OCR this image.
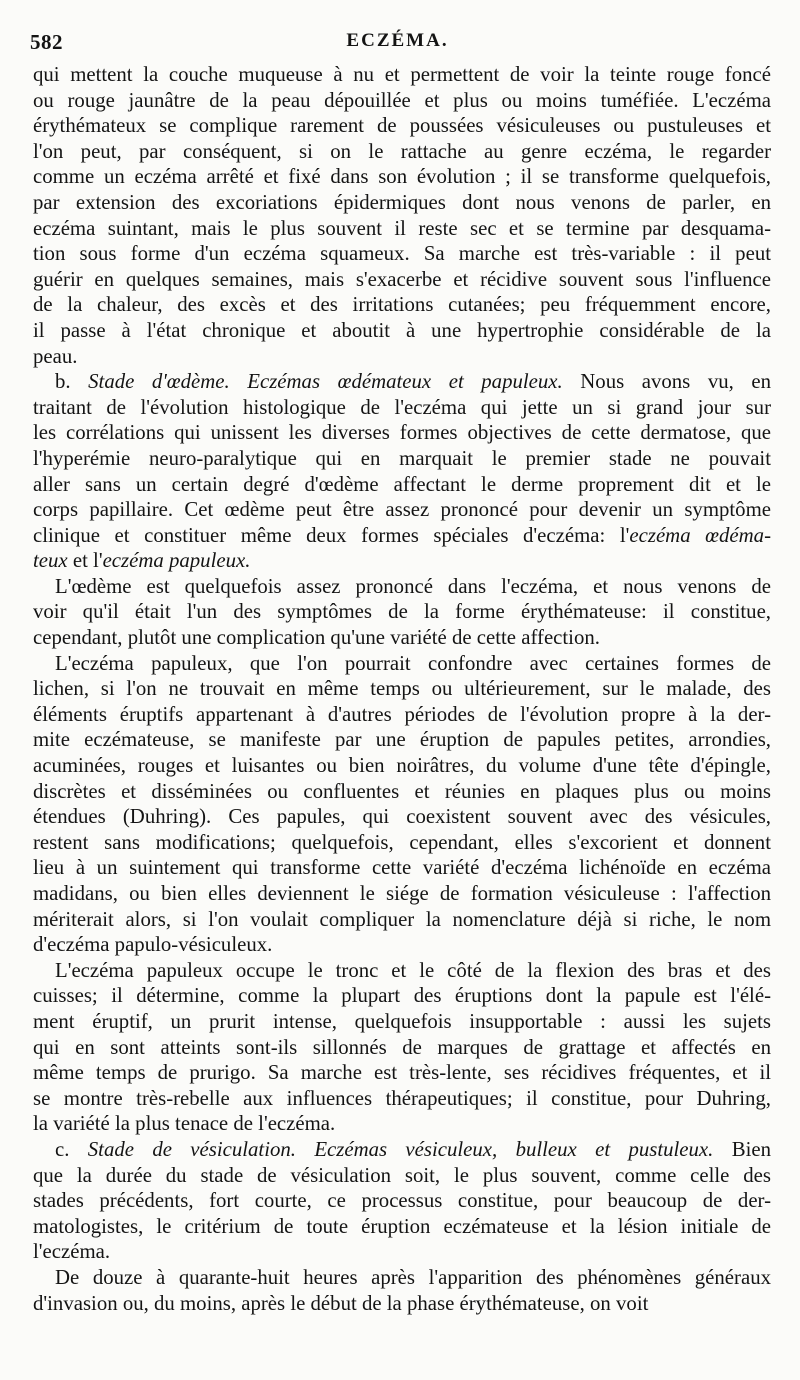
582	ECZÉMA.
qui mettent la couche muqueuse à nu et permettent de voir la teinte rouge foncé
ou rouge jaunâtre de la peau dépouillée et plus ou moins tuméfiée. L'eczéma
érythémateux se complique rarement de poussées vésiculeuses ou pustuleuses et
l'on peut, par conséquent, si on le rattache au genre eczéma, le regarder
comme un eczéma arrêté et fixé dans son évolution ; il se transforme quelquefois,
par extension des excoriations épidermiques dont nous venons de parler, en
eczéma suintant, mais le plus souvent il reste sec et se termine par desquama-
tion sous forme d'un eczéma squameux. Sa marche est très-variable : il peut
guérir en quelques semaines, mais s'exacerbe et récidive souvent sous l'influence
de la chaleur, des excès et des irritations cutanées; peu fréquemment encore,
il passe à l'état chronique et aboutit à une hypertrophie considérable de la
peau.
b. Stade d'œdème. Eczémas œdémateux et papuleux. Nous avons vu, en
traitant de l'évolution histologique de l'eczéma qui jette un si grand jour sur
les corrélations qui unissent les diverses formes objectives de cette dermatose, que
l'hyperémie neuro-paralytique qui en marquait le premier stade ne pouvait
aller sans un certain degré d'œdème affectant le derme proprement dit et le
corps papillaire. Cet œdème peut être assez prononcé pour devenir un symptôme
clinique et constituer même deux formes spéciales d'eczéma: l'eczéma œdéma-
teux et l'eczéma papuleux.
L'œdème est quelquefois assez prononcé dans l'eczéma, et nous venons de
voir qu'il était l'un des symptômes de la forme érythémateuse: il constitue,
cependant, plutôt une complication qu'une variété de cette affection.
L'eczéma papuleux, que l'on pourrait confondre avec certaines formes de
lichen, si l'on ne trouvait en même temps ou ultérieurement, sur le malade, des
éléments éruptifs appartenant à d'autres périodes de l'évolution propre à la der-
mite eczémateuse, se manifeste par une éruption de papules petites, arrondies,
acuminées, rouges et luisantes ou bien noirâtres, du volume d'une tête d'épingle,
discrètes et disséminées ou confluentes et réunies en plaques plus ou moins
étendues (Duhring). Ces papules, qui coexistent souvent avec des vésicules,
restent sans modifications; quelquefois, cependant, elles s'excorient et donnent
lieu à un suintement qui transforme cette variété d'eczéma lichénoïde en eczéma
madidans, ou bien elles deviennent le siége de formation vésiculeuse : l'affection
mériterait alors, si l'on voulait compliquer la nomenclature déjà si riche, le nom
d'eczéma papulo-vésiculeux.
L'eczéma papuleux occupe le tronc et le côté de la flexion des bras et des
cuisses; il détermine, comme la plupart des éruptions dont la papule est l'élé-
ment éruptif, un prurit intense, quelquefois insupportable : aussi les sujets
qui en sont atteints sont-ils sillonnés de marques de grattage et affectés en
même temps de prurigo. Sa marche est très-lente, ses récidives fréquentes, et il
se montre très-rebelle aux influences thérapeutiques; il constitue, pour Duhring,
la variété la plus tenace de l'eczéma.
c. Stade de vésiculation. Eczémas vésiculeux, bulleux et pustuleux. Bien
que la durée du stade de vésiculation soit, le plus souvent, comme celle des
stades précédents, fort courte, ce processus constitue, pour beaucoup de der-
matologistes, le critérium de toute éruption eczémateuse et la lésion initiale de
l'eczéma.
De douze à quarante-huit heures après l'apparition des phénomènes généraux
d'invasion ou, du moins, après le début de la phase érythémateuse, on voit
